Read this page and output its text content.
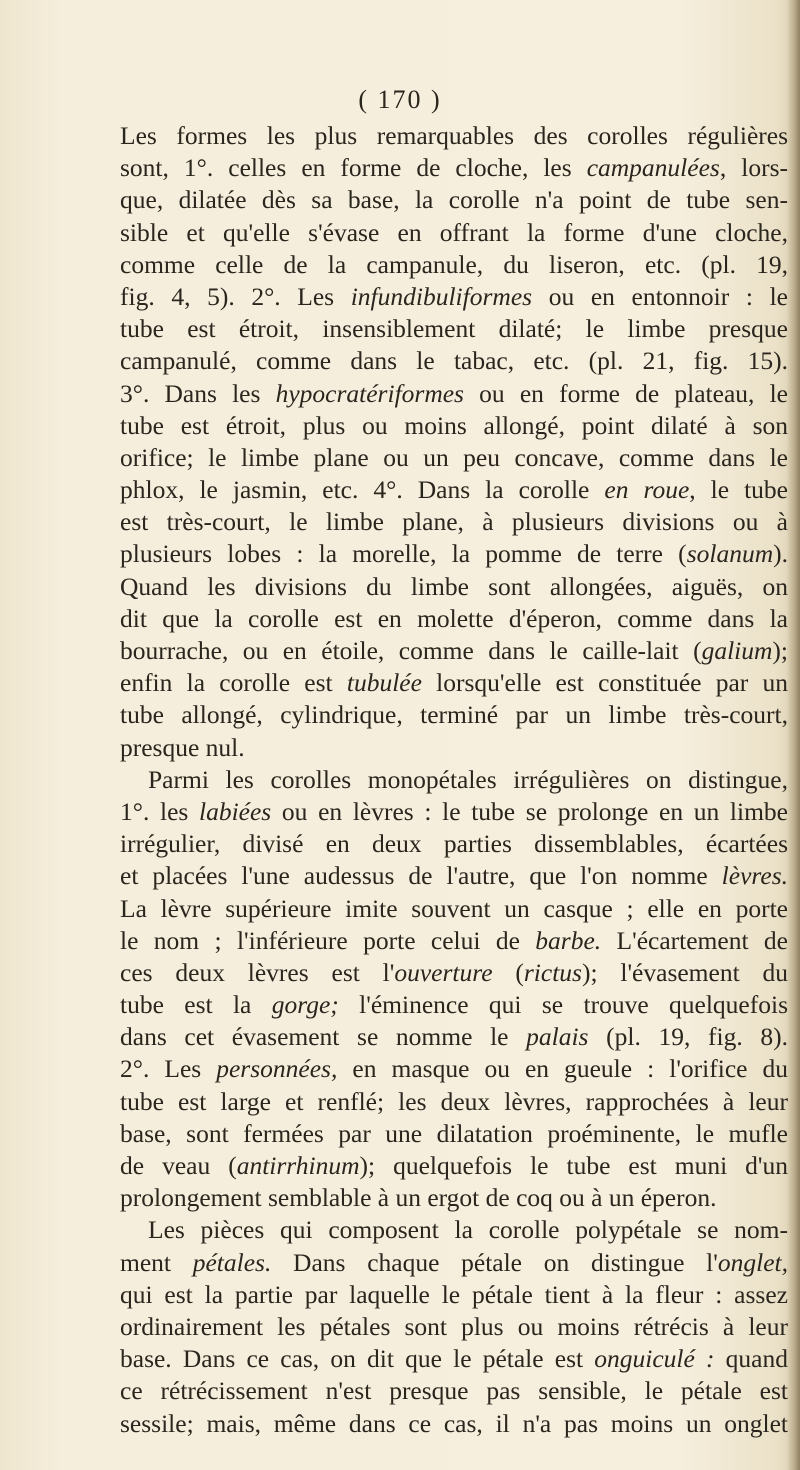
( 170 )
Les formes les plus remarquables des corolles régulières
sont, 1°. celles en forme de cloche, les campanulées, lors-
que, dilatée dès sa base, la corolle n'a point de tube sen-
sible et qu'elle s'évase en offrant la forme d'une cloche,
comme celle de la campanule, du liseron, etc. (pl. 19,
fig. 4, 5). 2°. Les infundibuliformes ou en entonnoir : le
tube est étroit, insensiblement dilaté; le limbe presque
campanulé, comme dans le tabac, etc. (pl. 21, fig. 15).
3°. Dans les hypocratériformes ou en forme de plateau, le
tube est étroit, plus ou moins allongé, point dilaté à son
orifice; le limbe plane ou un peu concave, comme dans le
phlox, le jasmin, etc. 4°. Dans la corolle en roue, le tube
est très-court, le limbe plane, à plusieurs divisions ou à
plusieurs lobes : la morelle, la pomme de terre (solanum).
Quand les divisions du limbe sont allongées, aiguës, on
dit que la corolle est en molette d'éperon, comme dans la
bourrache, ou en étoile, comme dans le caille-lait (galium);
enfin la corolle est tubulée lorsqu'elle est constituée par un
tube allongé, cylindrique, terminé par un limbe très-court,
presque nul.
Parmi les corolles monopétales irrégulières on distingue,
1°. les labiées ou en lèvres : le tube se prolonge en un limbe
irrégulier, divisé en deux parties dissemblables, écartées
et placées l'une audessus de l'autre, que l'on nomme lèvres.
La lèvre supérieure imite souvent un casque ; elle en porte
le nom ; l'inférieure porte celui de barbe. L'écartement de
ces deux lèvres est l'ouverture (rictus); l'évasement du
tube est la gorge; l'éminence qui se trouve quelquefois
dans cet évasement se nomme le palais (pl. 19, fig. 8).
2°. Les personnées, en masque ou en gueule : l'orifice du
tube est large et renflé; les deux lèvres, rapprochées à leur
base, sont fermées par une dilatation proéminente, le mufle
de veau (antirrhinum); quelquefois le tube est muni d'un
prolongement semblable à un ergot de coq ou à un éperon.
Les pièces qui composent la corolle polypétale se nom-
ment pétales. Dans chaque pétale on distingue l'onglet,
qui est la partie par laquelle le pétale tient à la fleur : assez
ordinairement les pétales sont plus ou moins rétrécis à leur
base. Dans ce cas, on dit que le pétale est onguiculé : quand
ce rétrécissement n'est presque pas sensible, le pétale est
sessile; mais, même dans ce cas, il n'a pas moins un onglet
